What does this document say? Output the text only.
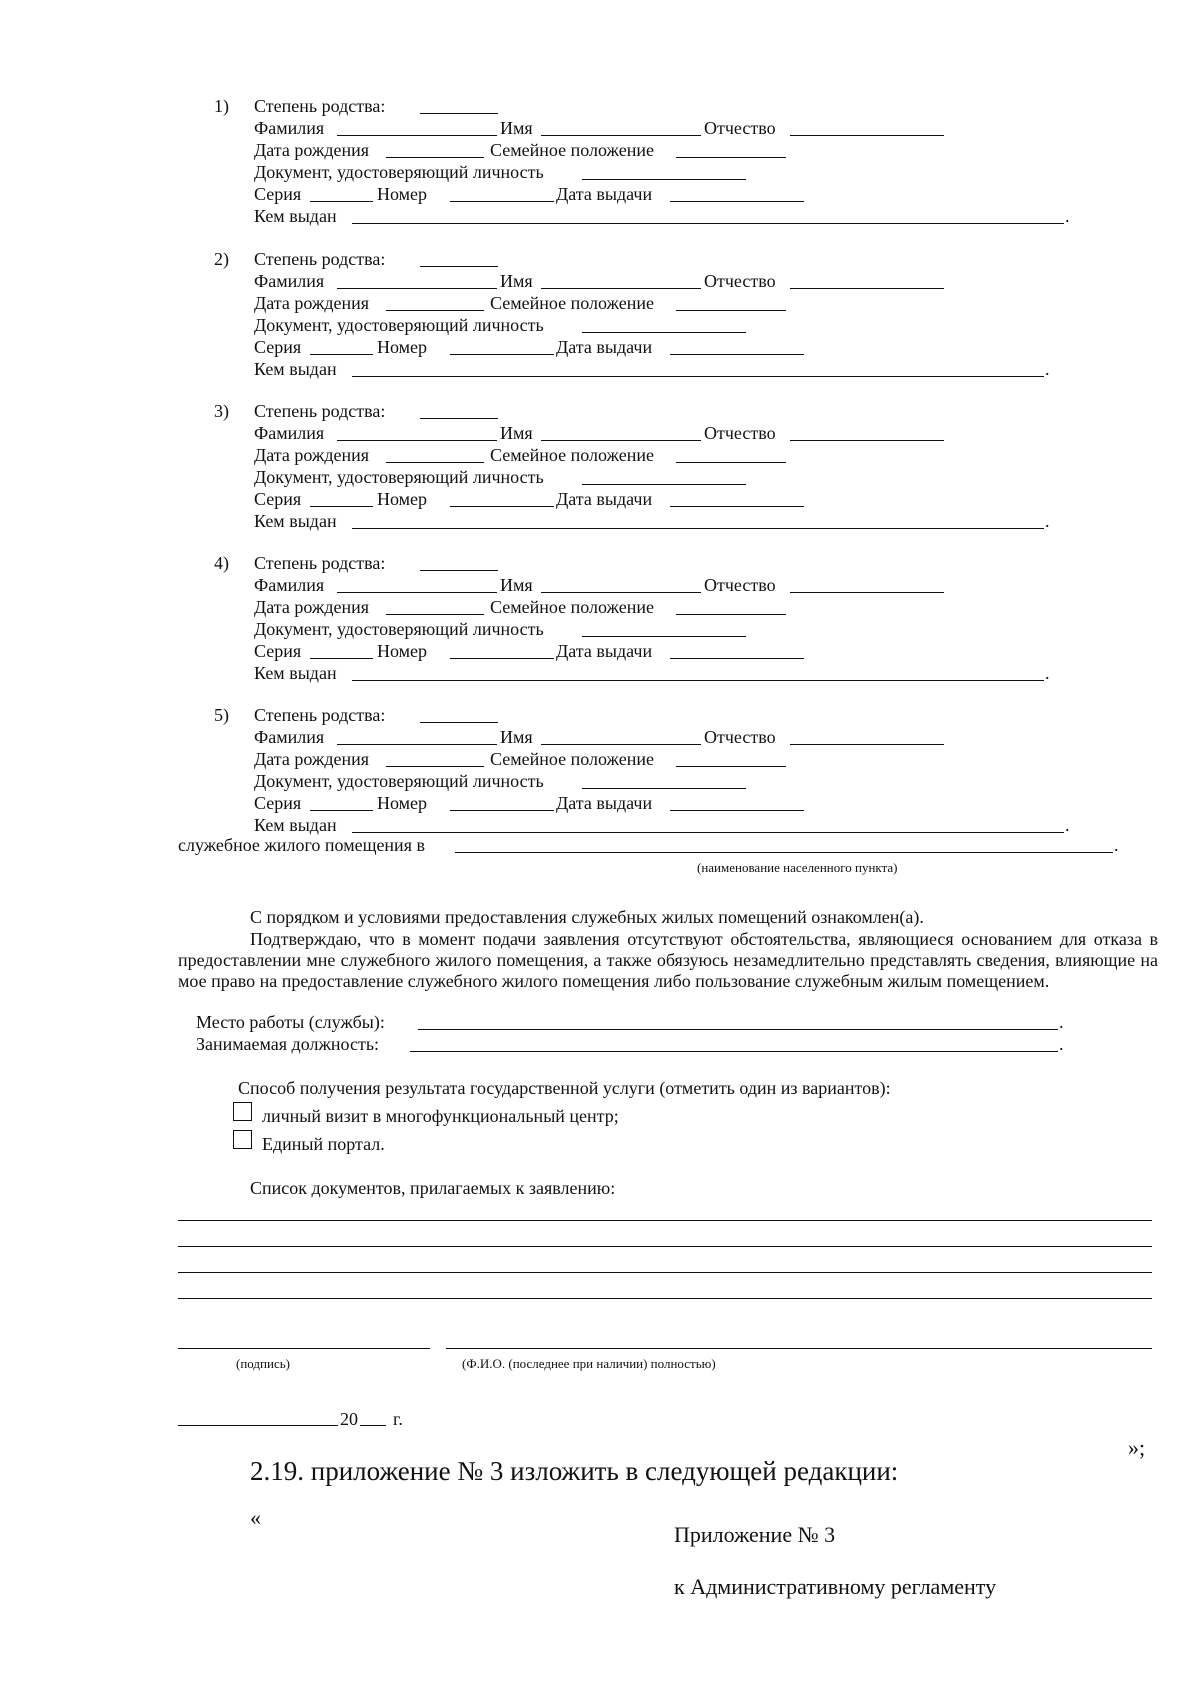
1) Степень родства:
Фамилия	Имя	Отчество
Дата рождения	Семейное положение
Документ, удостоверяющий личность
Серия	Номер	Дата выдачи
Кем выдан	.
2) Степень родства:
Фамилия	Имя	Отчество
Дата рождения	Семейное положение
Документ, удостоверяющий личность
Серия	Номер	Дата выдачи
Кем выдан	.
3) Степень родства:
Фамилия	Имя	Отчество
Дата рождения	Семейное положение
Документ, удостоверяющий личность
Серия	Номер	Дата выдачи
Кем выдан	.
4) Степень родства:
Фамилия	Имя	Отчество
Дата рождения	Семейное положение
Документ, удостоверяющий личность
Серия	Номер	Дата выдачи
Кем выдан	.
5) Степень родства:
Фамилия	Имя	Отчество
Дата рождения	Семейное положение
Документ, удостоверяющий личность
Серия	Номер	Дата выдачи
Кем выдан	.
служебное жилого помещения в	.
(наименование населенного пункта)
С порядком и условиями предоставления служебных жилых помещений ознакомлен(а).
Подтверждаю, что в момент подачи заявления отсутствуют обстоятельства, являющиеся основанием для отказа в предоставлении мне служебного жилого помещения, а также обязуюсь незамедлительно представлять сведения, влияющие на мое право на предоставление служебного жилого помещения либо пользование служебным жилым помещением.
Место работы (службы):	.
Занимаемая должность:	.
Способ получения результата государственной услуги (отметить один из вариантов):
личный визит в многофункциональный центр;
Единый портал.
Список документов, прилагаемых к заявлению:
(подпись)	(Ф.И.О. (последнее при наличии) полностью)
20 г.
»;
2.19. приложение № 3 изложить в следующей редакции:
«
Приложение № 3
к Административному регламенту
